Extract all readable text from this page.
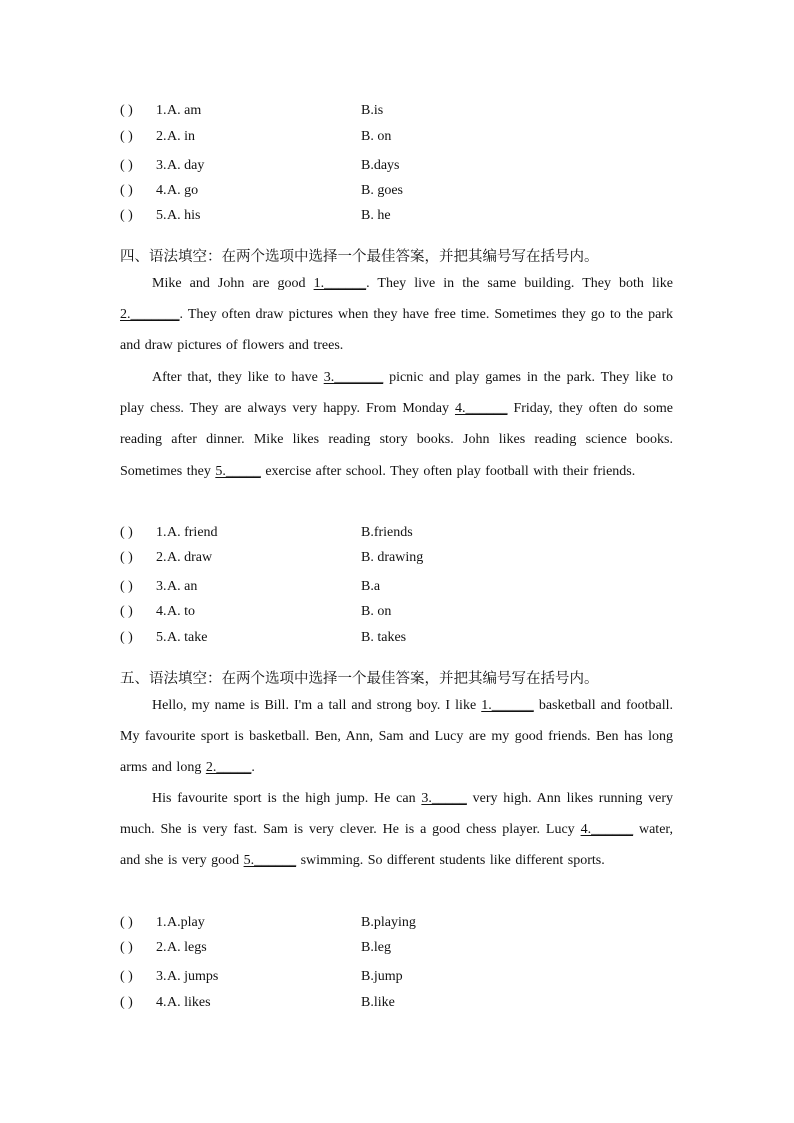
( ) 1. A. am	B.is
( ) 2. A. in	B. on
( ) 3. A. day	B.days
( ) 4. A. go	B. goes
( ) 5. A. his	B. he
四、语法填空：在两个选项中选择一个最佳答案，并把其编号写在括号内。

Mike and John are good 1.______. They live in the same building. They both like 2._______. They often draw pictures when they have free time. Sometimes they go to the park and draw pictures of flowers and trees.

After that, they like to have 3._______ picnic and play games in the park. They like to play chess. They are always very happy. From Monday 4.______ Friday, they often do some reading after dinner. Mike likes reading story books. John likes reading science books. Sometimes they 5._____ exercise after school. They often play football with their friends.

( ) 1. A. friend	B.friends
( ) 2. A. draw	B. drawing
( ) 3. A. an	B.a
( ) 4. A. to	B. on
( ) 5. A. take	B. takes
五、语法填空：在两个选项中选择一个最佳答案，并把其编号写在括号内。

Hello, my name is Bill. I'm a tall and strong boy. I like 1.______ basketball and football. My favourite sport is basketball. Ben, Ann, Sam and Lucy are my good friends. Ben has long arms and long 2._____.

His favourite sport is the high jump. He can 3._____ very high. Ann likes running very much. She is very fast. Sam is very clever. He is a good chess player. Lucy 4.______ water, and she is very good 5.______ swimming. So different students like different sports.

( ) 1. A.play	B.playing
( ) 2. A. legs	B.leg
( ) 3. A. jumps	B.jump
( ) 4. A. likes	B.like
